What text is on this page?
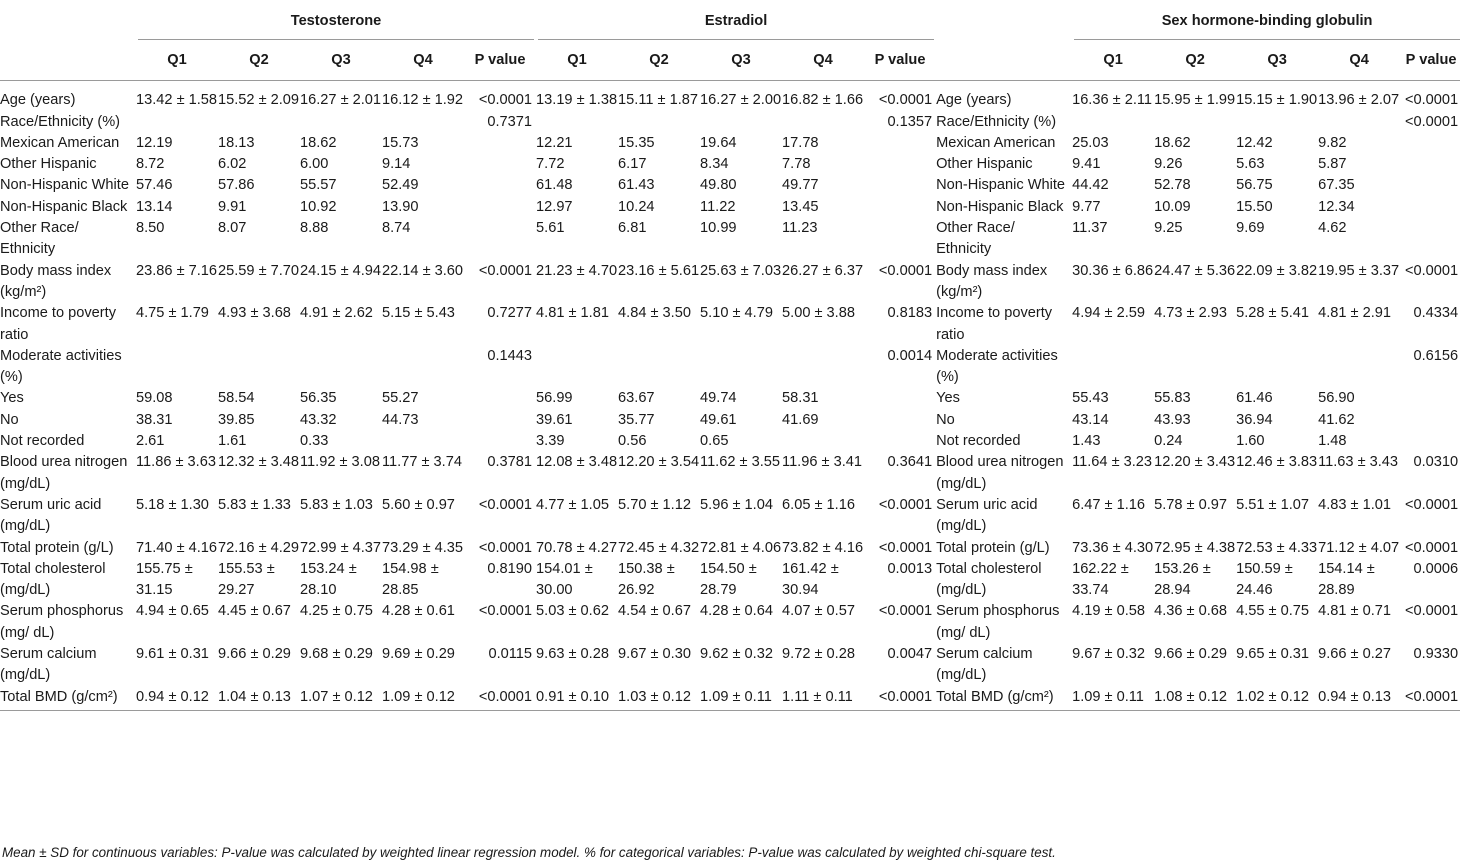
	Testosterone					Estradiol						Sex hormone-binding globulin				

	Q1	Q2	Q3	Q4	P value	Q1	Q2	Q3	Q4	P value		Q1	Q2	Q3	Q4	P value
Age (years)	13.42 ± 1.58	15.52 ± 2.09	16.27 ± 2.01	16.12 ± 1.92	<0.0001	13.19 ± 1.38	15.11 ± 1.87	16.27 ± 2.00	16.82 ± 1.66	<0.0001	Age (years)	16.36 ± 2.11	15.95 ± 1.99	15.15 ± 1.90	13.96 ± 2.07	<0.0001
Race/Ethnicity (%)					0.7371					0.1357	Race/Ethnicity (%)					<0.0001
Mexican American	12.19	18.13	18.62	15.73		12.21	15.35	19.64	17.78		Mexican American	25.03	18.62	12.42	9.82	
Other Hispanic	8.72	6.02	6.00	9.14		7.72	6.17	8.34	7.78		Other Hispanic	9.41	9.26	5.63	5.87	
Non-Hispanic White	57.46	57.86	55.57	52.49		61.48	61.43	49.80	49.77		Non-Hispanic White	44.42	52.78	56.75	67.35	
Non-Hispanic Black	13.14	9.91	10.92	13.90		12.97	10.24	11.22	13.45		Non-Hispanic Black	9.77	10.09	15.50	12.34	
Other Race/ Ethnicity	8.50	8.07	8.88	8.74		5.61	6.81	10.99	11.23		Other Race/ Ethnicity	11.37	9.25	9.69	4.62	
Body mass index (kg/m²)	23.86 ± 7.16	25.59 ± 7.70	24.15 ± 4.94	22.14 ± 3.60	<0.0001	21.23 ± 4.70	23.16 ± 5.61	25.63 ± 7.03	26.27 ± 6.37	<0.0001	Body mass index (kg/m²)	30.36 ± 6.86	24.47 ± 5.36	22.09 ± 3.82	19.95 ± 3.37	<0.0001
Income to poverty ratio	4.75 ± 1.79	4.93 ± 3.68	4.91 ± 2.62	5.15 ± 5.43	0.7277	4.81 ± 1.81	4.84 ± 3.50	5.10 ± 4.79	5.00 ± 3.88	0.8183	Income to poverty ratio	4.94 ± 2.59	4.73 ± 2.93	5.28 ± 5.41	4.81 ± 2.91	0.4334
Moderate activities (%)					0.1443					0.0014	Moderate activities (%)					0.6156
Yes	59.08	58.54	56.35	55.27		56.99	63.67	49.74	58.31		Yes	55.43	55.83	61.46	56.90	
No	38.31	39.85	43.32	44.73		39.61	35.77	49.61	41.69		No	43.14	43.93	36.94	41.62	
Not recorded	2.61	1.61	0.33			3.39	0.56	0.65			Not recorded	1.43	0.24	1.60	1.48	
Blood urea nitrogen (mg/dL)	11.86 ± 3.63	12.32 ± 3.48	11.92 ± 3.08	11.77 ± 3.74	0.3781	12.08 ± 3.48	12.20 ± 3.54	11.62 ± 3.55	11.96 ± 3.41	0.3641	Blood urea nitrogen (mg/dL)	11.64 ± 3.23	12.20 ± 3.43	12.46 ± 3.83	11.63 ± 3.43	0.0310
Serum uric acid (mg/dL)	5.18 ± 1.30	5.83 ± 1.33	5.83 ± 1.03	5.60 ± 0.97	<0.0001	4.77 ± 1.05	5.70 ± 1.12	5.96 ± 1.04	6.05 ± 1.16	<0.0001	Serum uric acid (mg/dL)	6.47 ± 1.16	5.78 ± 0.97	5.51 ± 1.07	4.83 ± 1.01	<0.0001
Total protein (g/L)	71.40 ± 4.16	72.16 ± 4.29	72.99 ± 4.37	73.29 ± 4.35	<0.0001	70.78 ± 4.27	72.45 ± 4.32	72.81 ± 4.06	73.82 ± 4.16	<0.0001	Total protein (g/L)	73.36 ± 4.30	72.95 ± 4.38	72.53 ± 4.33	71.12 ± 4.07	<0.0001
Total cholesterol (mg/dL)	155.75 ± 31.15	155.53 ± 29.27	153.24 ± 28.10	154.98 ± 28.85	0.8190	154.01 ± 30.00	150.38 ± 26.92	154.50 ± 28.79	161.42 ± 30.94	0.0013	Total cholesterol (mg/dL)	162.22 ± 33.74	153.26 ± 28.94	150.59 ± 24.46	154.14 ± 28.89	0.0006
Serum phosphorus (mg/ dL)	4.94 ± 0.65	4.45 ± 0.67	4.25 ± 0.75	4.28 ± 0.61	<0.0001	5.03 ± 0.62	4.54 ± 0.67	4.28 ± 0.64	4.07 ± 0.57	<0.0001	Serum phosphorus (mg/ dL)	4.19 ± 0.58	4.36 ± 0.68	4.55 ± 0.75	4.81 ± 0.71	<0.0001
Serum calcium (mg/dL)	9.61 ± 0.31	9.66 ± 0.29	9.68 ± 0.29	9.69 ± 0.29	0.0115	9.63 ± 0.28	9.67 ± 0.30	9.62 ± 0.32	9.72 ± 0.28	0.0047	Serum calcium (mg/dL)	9.67 ± 0.32	9.66 ± 0.29	9.65 ± 0.31	9.66 ± 0.27	0.9330
Total BMD (g/cm²)	0.94 ± 0.12	1.04 ± 0.13	1.07 ± 0.12	1.09 ± 0.12	<0.0001	0.91 ± 0.10	1.03 ± 0.12	1.09 ± 0.11	1.11 ± 0.11	<0.0001	Total BMD (g/cm²)	1.09 ± 0.11	1.08 ± 0.12	1.02 ± 0.12	0.94 ± 0.13	<0.0001
Mean ± SD for continuous variables: P-value was calculated by weighted linear regression model. % for categorical variables: P-value was calculated by weighted chi-square test.
